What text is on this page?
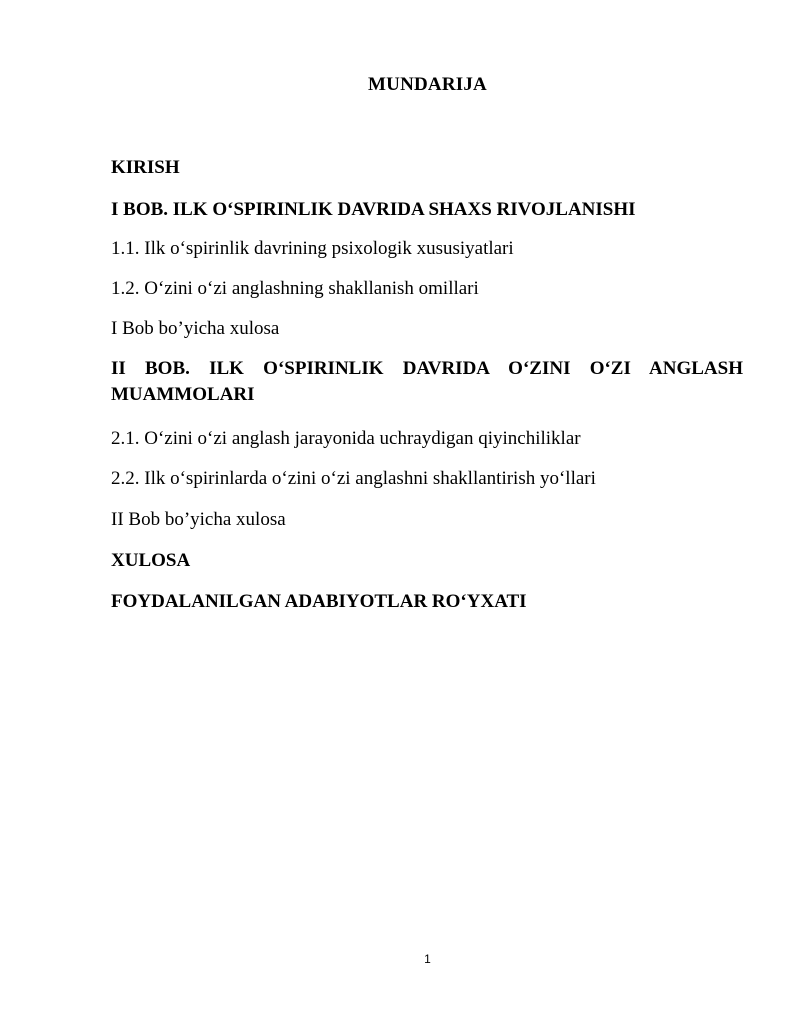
MUNDARIJA
KIRISH
I BOB. ILK O‘SPIRINLIK DAVRIDA SHAXS RIVOJLANISHI
1.1. Ilk o‘spirinlik davrining psixologik xususiyatlari
1.2. O‘zini o‘zi anglashning shakllanish omillari
I Bob bo’yicha xulosa
II BOB. ILK O‘SPIRINLIK DAVRIDA O‘ZINI O‘ZI ANGLASH
MUAMMOLARI
2.1. O‘zini o‘zi anglash jarayonida uchraydigan qiyinchiliklar
2.2. Ilk o‘spirinlarda o‘zini o‘zi anglashni shakllantirish yo‘llari
II Bob bo’yicha xulosa
XULOSA
FOYDALANILGAN ADABIYOTLAR RO‘YXATI
1
